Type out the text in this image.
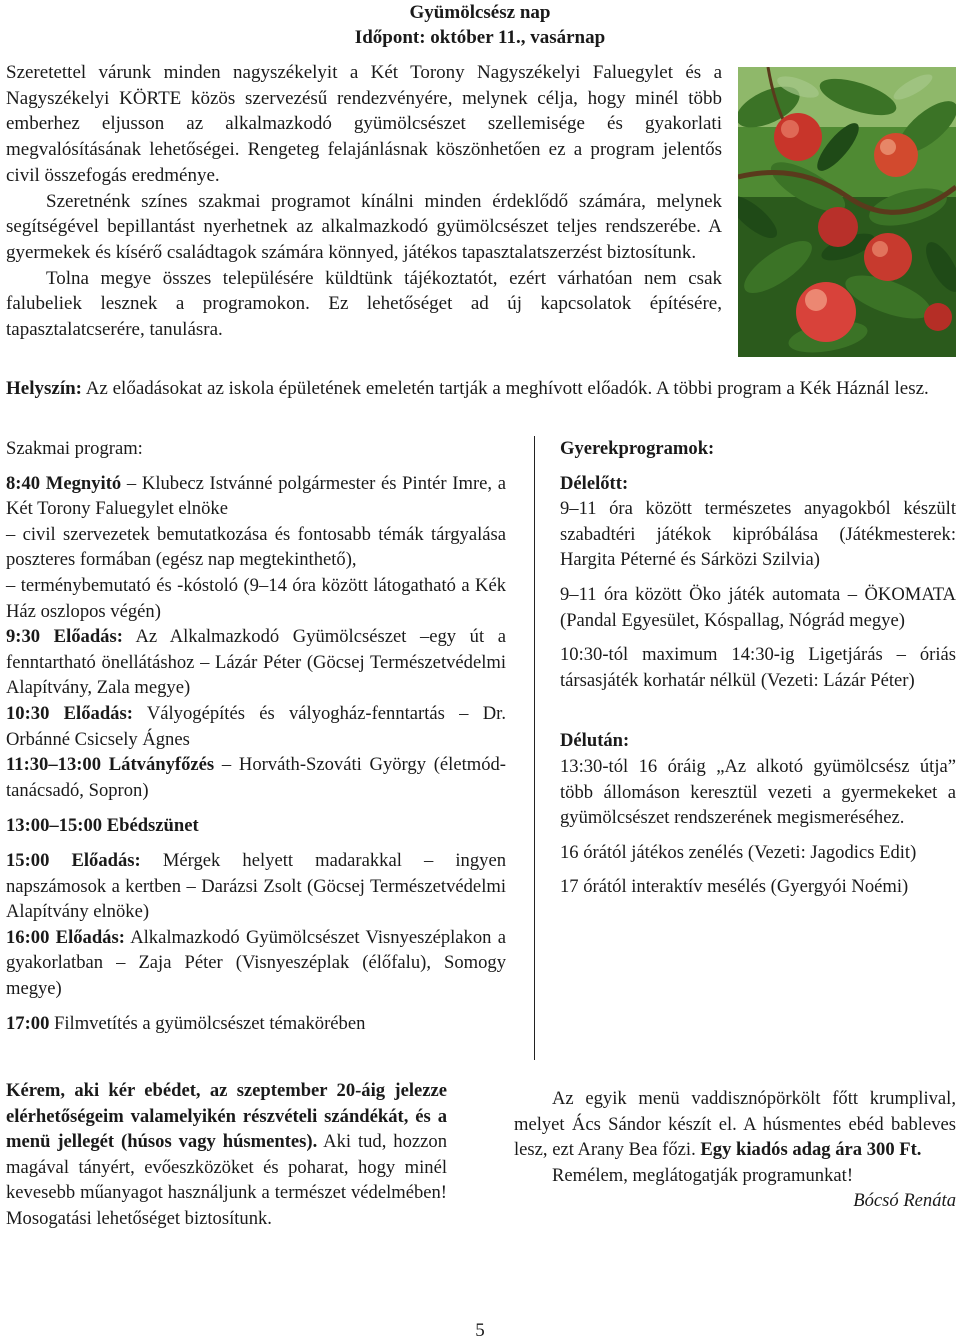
Gyümölcsész nap
Időpont: október 11., vasárnap

Szeretettel várunk minden nagyszékelyit a Két Torony Nagyszékelyi Faluegylet és a Nagyszékelyi KÖRTE közös szervezésű rendezvényére, melynek célja, hogy minél több emberhez eljusson az alkalmazkodó gyümölcsészet szellemisége és gyakorlati megvalósításának lehetőségei. Rengeteg felajánlásnak köszönhetően ez a program jelentős civil összefogás eredménye.

Szeretnénk színes szakmai programot kínálni minden érdeklődő számára, melynek segítségével bepillantást nyerhetnek az alkalmazkodó gyümölcsészet teljes rendszerébe. A gyermekek és kísérő családtagok számára könnyed, játékos tapasztalatszerzést biztosítunk.

Tolna megye összes településére küldtünk tájékoztatót, ezért várhatóan nem csak falubeliek lesznek a programokon. Ez lehetőséget ad új kapcsolatok építésére, tapasztalatcserére, tanulásra.

Helyszín: Az előadásokat az iskola épületének emeletén tartják a meghívott előadók. A többi program a Kék Háznál lesz.

Szakmai program:

8:40 Megnyitó – Klubecz Istvánné polgármester és Pintér Imre, a Két Torony Faluegylet elnöke

– civil szervezetek bemutatkozása és fontosabb témák tárgyalása poszteres formában (egész nap megtekinthető),

– terménybemutató és -kóstoló (9–14 óra között látogatható a Kék Ház oszlopos végén)

9:30 Előadás: Az Alkalmazkodó Gyümölcsészet –egy út a fenntartható önellátáshoz – Lázár Péter (Göcsej Természetvédelmi Alapítvány, Zala megye)

10:30 Előadás: Vályogépítés és vályogház-fenntartás – Dr. Orbánné Csicsely Ágnes

11:30–13:00 Látványfőzés – Horváth-Szováti György (életmód-tanácsadó, Sopron)

13:00–15:00 Ebédszünet

15:00 Előadás: Mérgek helyett madarakkal – ingyen napszámosok a kertben – Darázsi Zsolt (Göcsej Természetvédelmi Alapítvány elnöke)

16:00 Előadás: Alkalmazkodó Gyümölcsészet Visnyeszéplakon a gyakorlatban – Zaja Péter (Visnyeszéplak (élőfalu), Somogy megye)

17:00 Filmvetítés a gyümölcsészet témakörében

Gyerekprogramok:

Délelőtt:

9–11 óra között természetes anyagokból készült szabadtéri játékok kipróbálása (Játékmesterek: Hargita Péterné és Sárközi Szilvia)

9–11 óra között Öko játék automata – ÖKOMATA (Pandal Egyesület, Kóspallag, Nógrád megye)

10:30-tól maximum 14:30-ig Ligetjárás – óriás társasjáték korhatár nélkül (Vezeti: Lázár Péter)

Délután:

13:30-tól 16 óráig „Az alkotó gyümölcsész útja” több állomáson keresztül vezeti a gyermekeket a gyümölcsészet rendszerének megismeréséhez.

16 órától játékos zenélés (Vezeti: Jagodics Edit)

17 órától interaktív mesélés (Gyergyói Noémi)

Kérem, aki kér ebédet, az szeptember 20-áig jelezze elérhetőségeim valamelyikén részvételi szándékát, és a menü jellegét (húsos vagy húsmentes). Aki tud, hozzon magával tányért, evőeszközöket és poharat, hogy minél kevesebb műanyagot használjunk a természet védelmében! Mosogatási lehetőséget biztosítunk.

Az egyik menü vaddisznópörkölt főtt krumplival, melyet Ács Sándor készít el. A húsmentes ebéd bableves lesz, ezt Arany Bea főzi. Egy kiadós adag ára 300 Ft.

Remélem, meglátogatják programunkat!

Bócsó Renáta

5
